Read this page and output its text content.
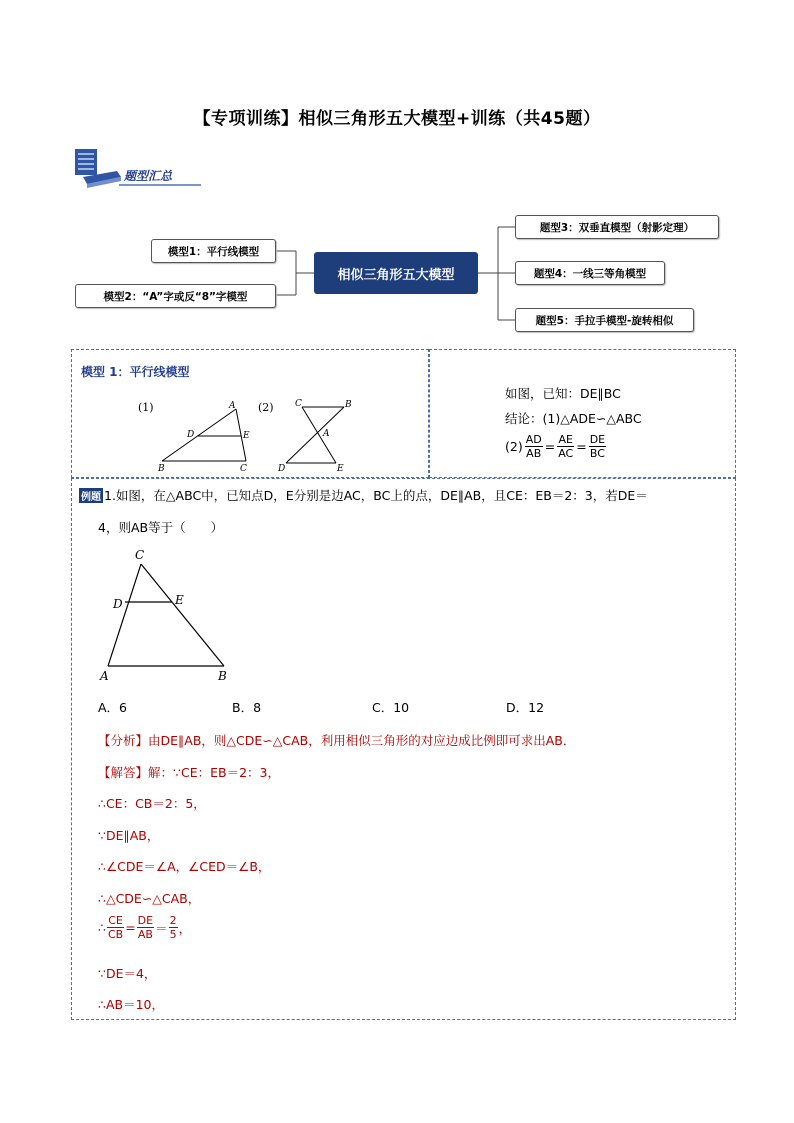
【专项训练】相似三角形五大模型+训练（共45题）
题型汇总
模型1：平行线模型
模型2：“A”字或反“8”字模型
相似三角形五大模型
题型3：双垂直模型（射影定理）
题型4：一线三等角模型
题型5：手拉手模型-旋转相似
模型 1：平行线模型
(1)	A
D	E
B	C
(2) C	B
A
D	E
如图，已知：DE∥BC
结论：(1)△ADE∽△ABC
$(2) \frac{AD}{AB} = \frac{AE}{AC} = \frac{DE}{BC}$
例题 1.如图，在△ABC中，已知点D，E分别是边AC，BC上的点，DE∥AB，且CE：EB＝2：3，若DE＝
4，则AB等于（　　）
C
D	E
A	B
A．6	B．8	C．10	D．12
【分析】由DE∥AB，则△CDE∽△CAB，利用相似三角形的对应边成比例即可求出AB．
【解答】解：∵CE：EB＝2：3，
∴CE：CB＝2：5，
∵DE∥AB，
∴∠CDE＝∠A，∠CED＝∠B，
∴△CDE∽△CAB，
∴ $\frac{CE}{CB} = \frac{DE}{AB} = \frac{2}{5}$ ，
∵DE＝4，
∴AB＝10，
